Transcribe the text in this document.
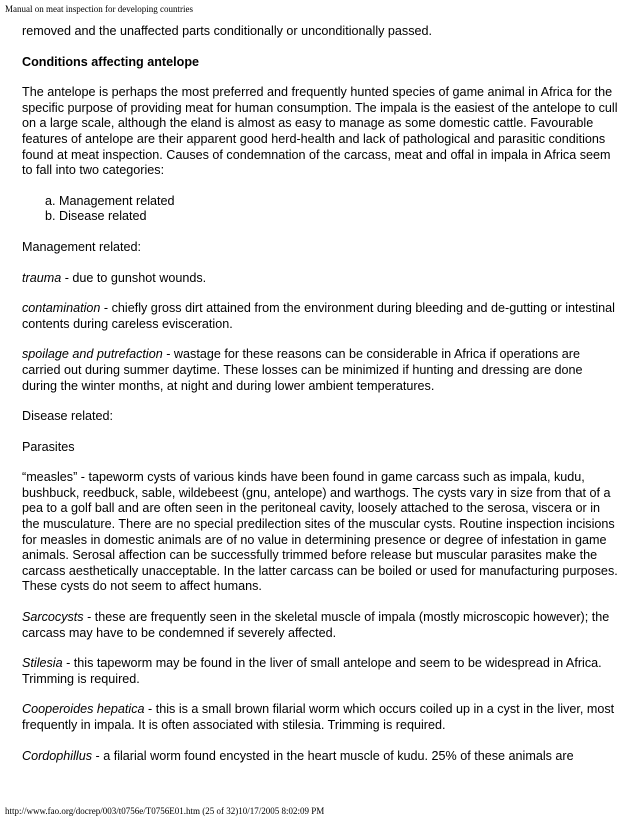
Manual on meat inspection for developing countries

removed and the unaffected parts conditionally or unconditionally passed.

Conditions affecting antelope

The antelope is perhaps the most preferred and frequently hunted species of game animal in Africa for the specific purpose of providing meat for human consumption. The impala is the easiest of the antelope to cull on a large scale, although the eland is almost as easy to manage as some domestic cattle. Favourable features of antelope are their apparent good herd-health and lack of pathological and parasitic conditions found at meat inspection. Causes of condemnation of the carcass, meat and offal in impala in Africa seem to fall into two categories:

a. Management related
b. Disease related

Management related:

trauma - due to gunshot wounds.

contamination - chiefly gross dirt attained from the environment during bleeding and de-gutting or intestinal contents during careless evisceration.

spoilage and putrefaction - wastage for these reasons can be considerable in Africa if operations are carried out during summer daytime. These losses can be minimized if hunting and dressing are done during the winter months, at night and during lower ambient temperatures.

Disease related:

Parasites

“measles” - tapeworm cysts of various kinds have been found in game carcass such as impala, kudu, bushbuck, reedbuck, sable, wildebeest (gnu, antelope) and warthogs. The cysts vary in size from that of a pea to a golf ball and are often seen in the peritoneal cavity, loosely attached to the serosa, viscera or in the musculature. There are no special predilection sites of the muscular cysts. Routine inspection incisions for measles in domestic animals are of no value in determining presence or degree of infestation in game animals. Serosal affection can be successfully trimmed before release but muscular parasites make the carcass aesthetically unacceptable. In the latter carcass can be boiled or used for manufacturing purposes. These cysts do not seem to affect humans.

Sarcocysts - these are frequently seen in the skeletal muscle of impala (mostly microscopic however); the carcass may have to be condemned if severely affected.

Stilesia - this tapeworm may be found in the liver of small antelope and seem to be widespread in Africa. Trimming is required.

Cooperoides hepatica - this is a small brown filarial worm which occurs coiled up in a cyst in the liver, most frequently in impala. It is often associated with stilesia. Trimming is required.

Cordophillus - a filarial worm found encysted in the heart muscle of kudu. 25% of these animals are

http://www.fao.org/docrep/003/t0756e/T0756E01.htm (25 of 32)10/17/2005 8:02:09 PM
